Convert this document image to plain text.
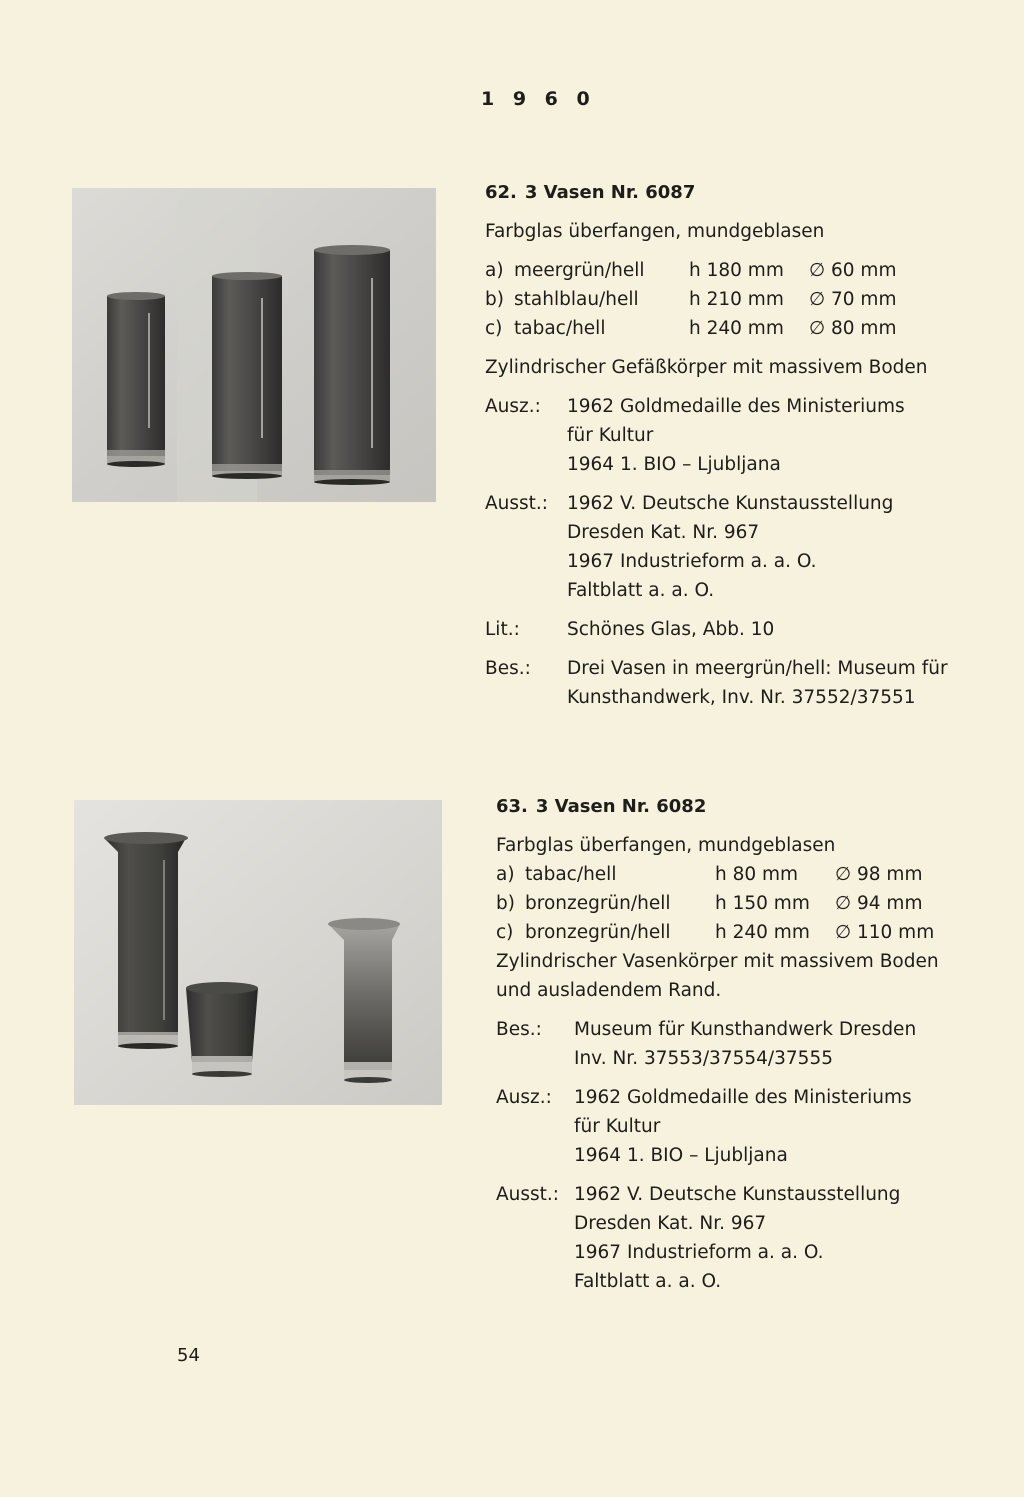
1 9 6 0
62. 3 Vasen Nr. 6087
Farbglas überfangen, mundgeblasen
a) meergrün/hell	h 180 mm	∅ 60 mm
b) stahlblau/hell	h 210 mm	∅ 70 mm
c) tabac/hell	h 240 mm	∅ 80 mm
Zylindrischer Gefäßkörper mit massivem Boden
Ausz.:	1962 Goldmedaille des Ministeriums
für Kultur
1964 1. BIO – Ljubljana
Ausst.:	1962 V. Deutsche Kunstausstellung
Dresden Kat. Nr. 967
1967 Industrieform a. a. O.
Faltblatt a. a. O.
Lit.:	Schönes Glas, Abb. 10
Bes.:	Drei Vasen in meergrün/hell: Museum für
Kunsthandwerk, Inv. Nr. 37552/37551
63. 3 Vasen Nr. 6082
Farbglas überfangen, mundgeblasen
a) tabac/hell	h 80 mm	∅ 98 mm
b) bronzegrün/hell	h 150 mm	∅ 94 mm
c) bronzegrün/hell	h 240 mm	∅ 110 mm
Zylindrischer Vasenkörper mit massivem Boden
und ausladendem Rand.
Bes.:	Museum für Kunsthandwerk Dresden
Inv. Nr. 37553/37554/37555
Ausz.:	1962 Goldmedaille des Ministeriums
für Kultur
1964 1. BIO – Ljubljana
Ausst.: 1962 V. Deutsche Kunstausstellung
Dresden Kat. Nr. 967
1967 Industrieform a. a. O.
Faltblatt a. a. O.
54
